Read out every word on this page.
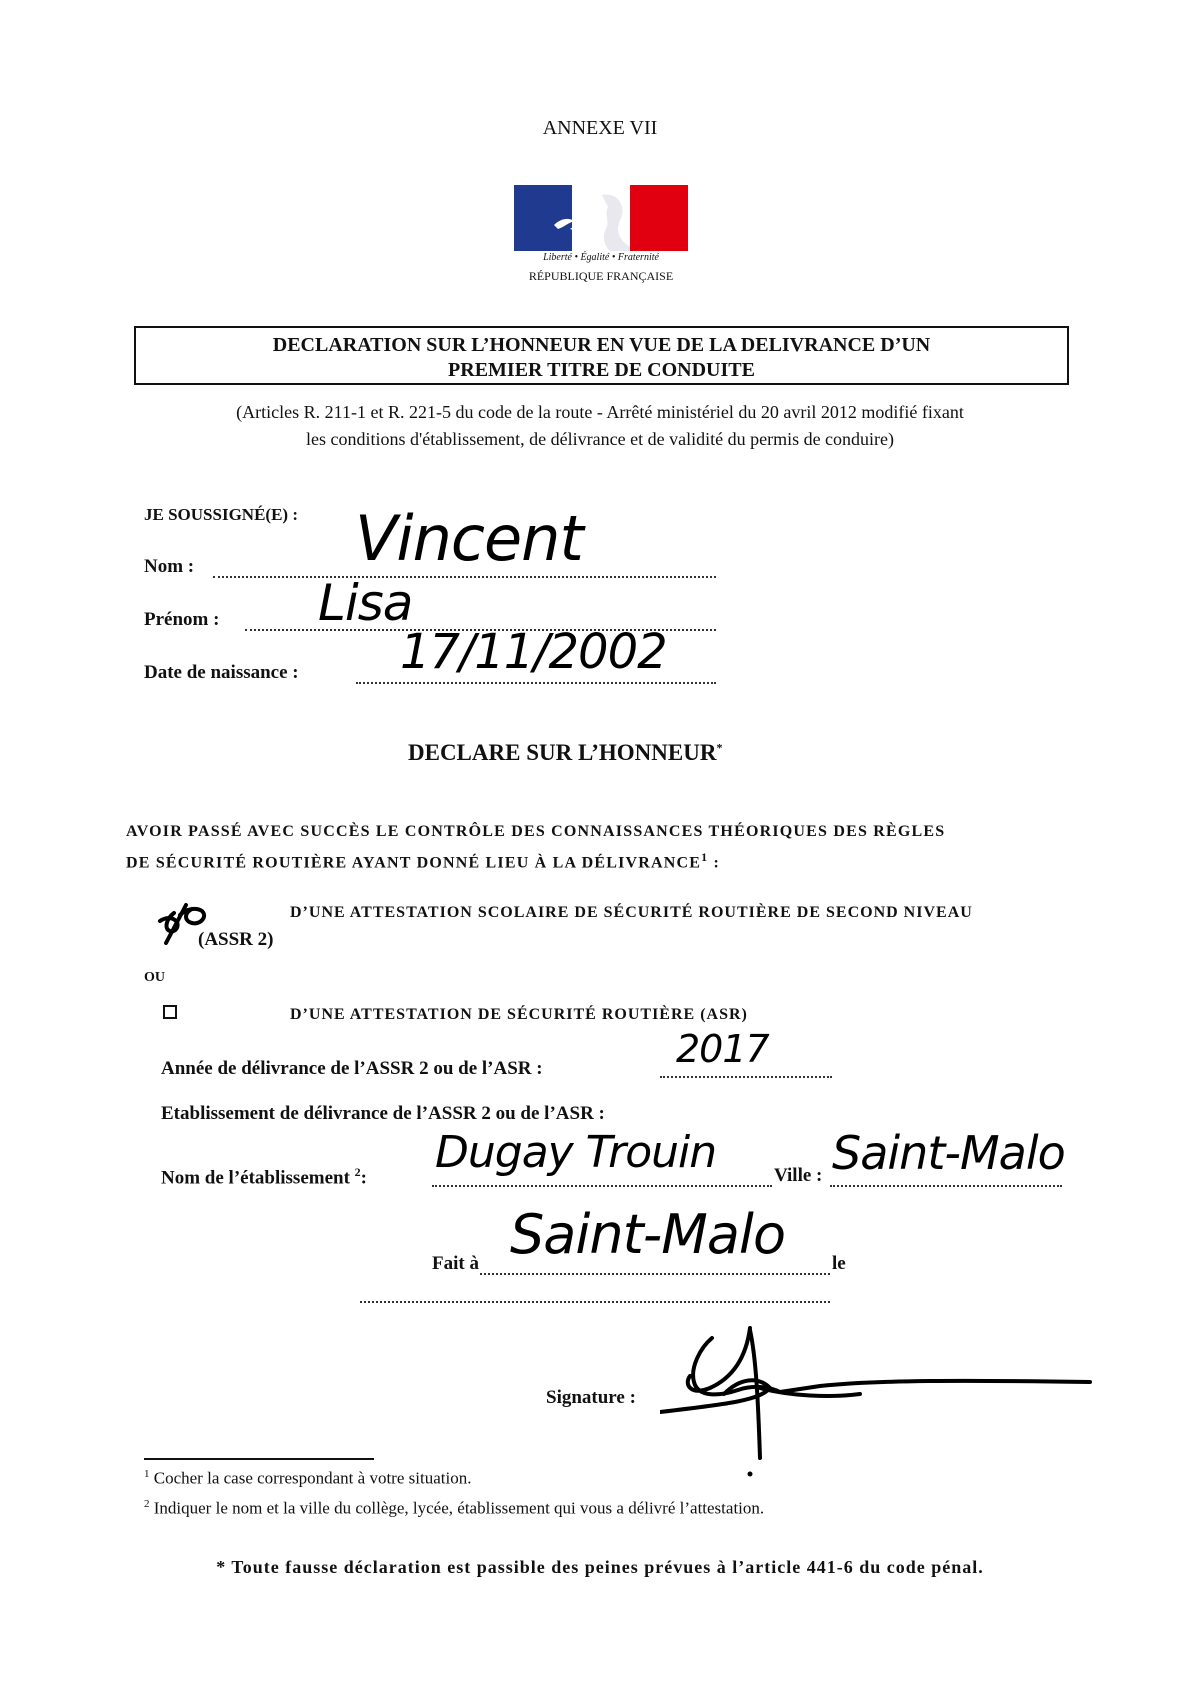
ANNEXE VII
Liberté • Égalité • Fraternité
RÉPUBLIQUE FRANÇAISE
DECLARATION SUR L’HONNEUR EN VUE DE LA DELIVRANCE D’UN
PREMIER TITRE DE CONDUITE
(Articles R. 211-1 et R. 221-5 du code de la route - Arrêté ministériel du 20 avril 2012 modifié fixant
les conditions d'établissement, de délivrance et de validité du permis de conduire)
JE SOUSSIGNÉ(E) :
Nom :	Vincent
Prénom : Lisa
Date de naissance : 17/11/2002
DECLARE SUR L’HONNEUR*
AVOIR PASSÉ AVEC SUCCÈS LE CONTRÔLE DES CONNAISSANCES THÉORIQUES DES RÈGLES
DE SÉCURITÉ ROUTIÈRE AYANT DONNÉ LIEU À LA DÉLIVRANCE$^1$ :
D’UNE ATTESTATION SCOLAIRE DE SÉCURITÉ ROUTIÈRE DE SECOND NIVEAU
(ASSR 2)
OU
D’UNE ATTESTATION DE SÉCURITÉ ROUTIÈRE (ASR)
Année de délivrance de l’ASSR 2 ou de l’ASR :	2017
Etablissement de délivrance de l’ASSR 2 ou de l’ASR :
Nom de l’établissement $^2$: Dugay Trouin	Ville : Saint-Malo
Fait à Saint-Malo le
Signature :
$^1$ Cocher la case correspondant à votre situation.
$^2$ Indiquer le nom et la ville du collège, lycée, établissement qui vous a délivré l’attestation.
* Toute fausse déclaration est passible des peines prévues à l’article 441-6 du code pénal.
